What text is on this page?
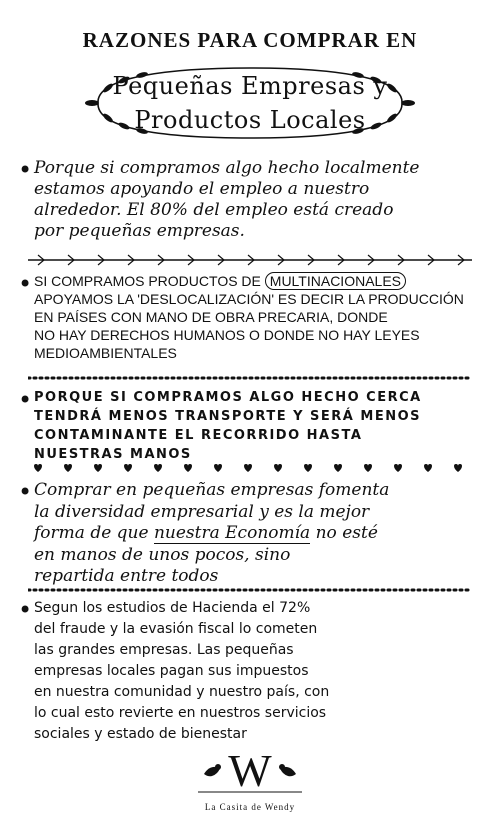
RAZONES PARA COMPRAR EN
Pequeñas Empresas y
Productos Locales
• Porque si compramos algo hecho localmente
estamos apoyando el empleo a nuestro
alrededor. El 80% del empleo está creado
por pequeñas empresas.
• SI COMPRAMOS PRODUCTOS DE MULTINACIONALES
APOYAMOS LA 'DESLOCALIZACIÓN' ES DECIR LA PRODUCCIÓN
EN PAÍSES CON MANO DE OBRA PRECARIA, DONDE
NO HAY DERECHOS HUMANOS O DONDE NO HAY LEYES
MEDIOAMBIENTALES
• PORQUE SI COMPRAMOS ALGO HECHO CERCA
TENDRÁ MENOS TRANSPORTE Y SERÁ MENOS
CONTAMINANTE EL RECORRIDO HASTA
NUESTRAS MANOS
• Comprar en pequeñas empresas fomenta
la diversidad empresarial y es la mejor
forma de que nuestra Economía no esté
en manos de unos pocos, sino
repartida entre todos
• Segun los estudios de Hacienda el 72%
del fraude y la evasión fiscal lo cometen
las grandes empresas. Las pequeñas
empresas locales pagan sus impuestos
en nuestra comunidad y nuestro país, con
lo cual esto revierte en nuestros servicios
sociales y estado de bienestar
W
La Casita de Wendy
